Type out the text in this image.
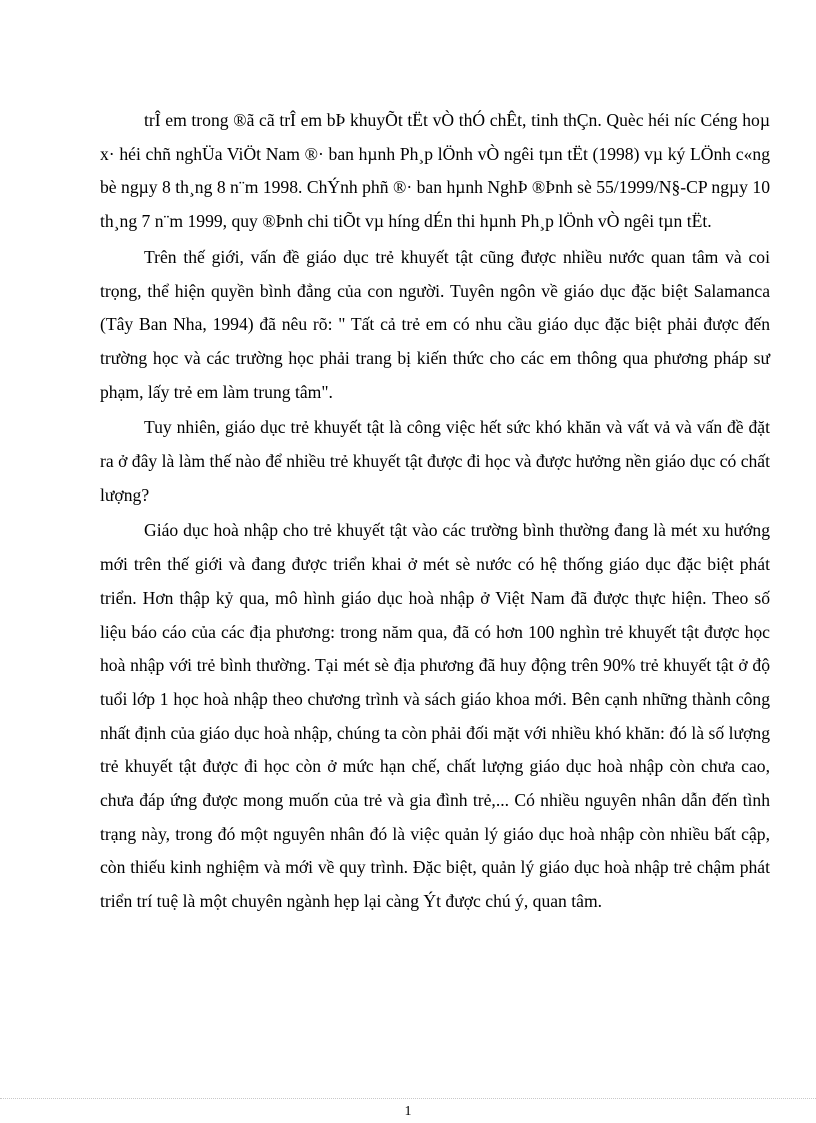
trÎ em trong ®ã cã trÎ em bÞ khuyÕt tËt vÒ thÓ chÊt, tinh thÇn. Quèc héi níc Céng hoµ x· héi chñ nghÜa ViÖt Nam ®· ban hµnh Ph¸p lÖnh vÒ ngêi tµn tËt (1998) vµ ký LÖnh c«ng bè ngµy 8 th¸ng 8 n¨m 1998. ChÝnh phñ ®· ban hµnh NghÞ ®Þnh sè 55/1999/N§-CP ngµy 10 th¸ng 7 n¨m 1999, quy ®Þnh chi tiÕt vµ híng dÉn thi hµnh Ph¸p lÖnh vÒ ngêi tµn tËt.

Trên thế giới, vấn đề giáo dục trẻ khuyết tật cũng được nhiều nước quan tâm và coi trọng, thể hiện quyền bình đẳng của con người. Tuyên ngôn về giáo dục đặc biệt Salamanca (Tây Ban Nha, 1994) đã nêu rõ: " Tất cả trẻ em có nhu cầu giáo dục đặc biệt phải được đến trường học và các trường học phải trang bị kiến thức cho các em thông qua phương pháp sư phạm, lấy trẻ em làm trung tâm".

Tuy nhiên, giáo dục trẻ khuyết tật là công việc hết sức khó khăn và vất vả và vấn đề đặt ra ở đây là làm thế nào để nhiều trẻ khuyết tật được đi học và được hưởng nền giáo dục có chất lượng?

Giáo dục hoà nhập cho trẻ khuyết tật vào các trường bình thường đang là mét xu hướng mới trên thế giới và đang được triển khai ở mét sè nước có hệ thống giáo dục đặc biệt phát triển. Hơn thập kỷ qua, mô hình giáo dục hoà nhập ở Việt Nam đã được thực hiện. Theo số liệu báo cáo của các địa phương: trong năm qua, đã có hơn 100 nghìn trẻ khuyết tật được học hoà nhập với trẻ bình thường. Tại mét sè địa phương đã huy động trên 90% trẻ khuyết tật ở độ tuổi lớp 1 học hoà nhập theo chương trình và sách giáo khoa mới. Bên cạnh những thành công nhất định của giáo dục hoà nhập, chúng ta còn phải đối mặt với nhiều khó khăn: đó là số lượng trẻ khuyết tật được đi học còn ở mức hạn chế, chất lượng giáo dục hoà nhập còn chưa cao, chưa đáp ứng được mong muốn của trẻ và gia đình trẻ,... Có nhiều nguyên nhân dẫn đến tình trạng này, trong đó một nguyên nhân đó là việc quản lý giáo dục hoà nhập còn nhiều bất cập, còn thiếu kinh nghiệm và mới về quy trình. Đặc biệt, quản lý giáo dục hoà nhập trẻ chậm phát triển trí tuệ là một chuyên ngành hẹp lại càng Ýt được chú ý, quan tâm.

1
